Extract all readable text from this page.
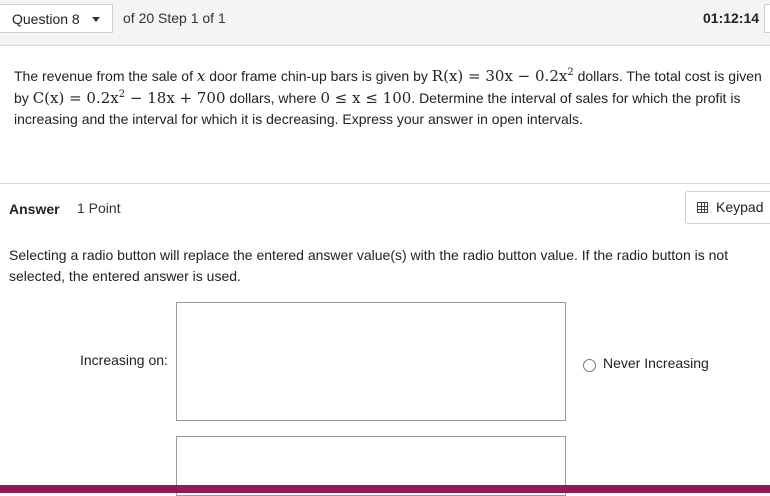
Question 8	of 20 Step 1 of 1	01:12:14
The revenue from the sale of x door frame chin-up bars is given by $R(x) = 30x - 0.2x^2$ dollars. The total cost is given by $C(x) = 0.2x^2 - 18x + 700$ dollars, where 0 ≤ x ≤ 100. Determine the interval of sales for which the profit is increasing and the interval for which it is decreasing. Express your answer in open intervals.
Answer 1 Point	Keypad
Selecting a radio button will replace the entered answer value(s) with the radio button value. If the radio button is not
selected, the entered answer is used.
Increasing on:	Never Increasing
